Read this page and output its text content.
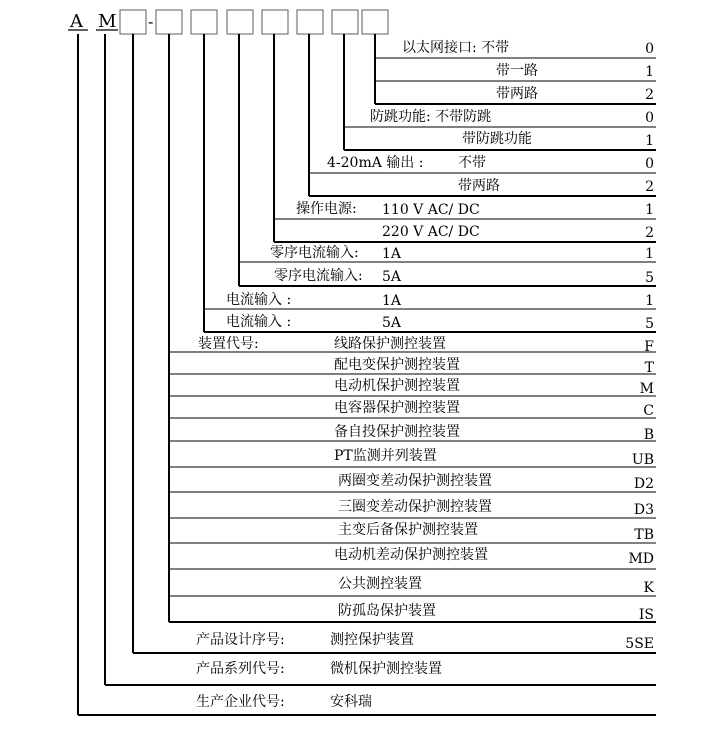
A M -
以太网接口: 不带	0
带一路	1
带两路	2
防跳功能: 不带防跳	0
带防跳功能	1
4-20mA 输出 : 不带	0
带两路	2
操作电源: 110 V AC/ DC	1
220 V AC/ DC	2
零序电流输入: 1A	1
零序电流输入: 5A	5
电流输入 :	1A	1
电流输入 :	5A	5
装置代号:	线路保护测控装置	F
配电变保护测控装置	T
电动机保护测控装置	M
电容器保护测控装置	C
备自投保护测控装置	B
PT监测并列装置	UB
两圈变差动保护测控装置	D2
三圈变差动保护测控装置	D3
主变后备保护测控装置	TB
电动机差动保护测控装置	MD
公共测控装置	K
防孤岛保护装置	IS
产品设计序号:	测控保护装置	5SE
产品系列代号:	微机保护测控装置
生产企业代号:	安科瑞
